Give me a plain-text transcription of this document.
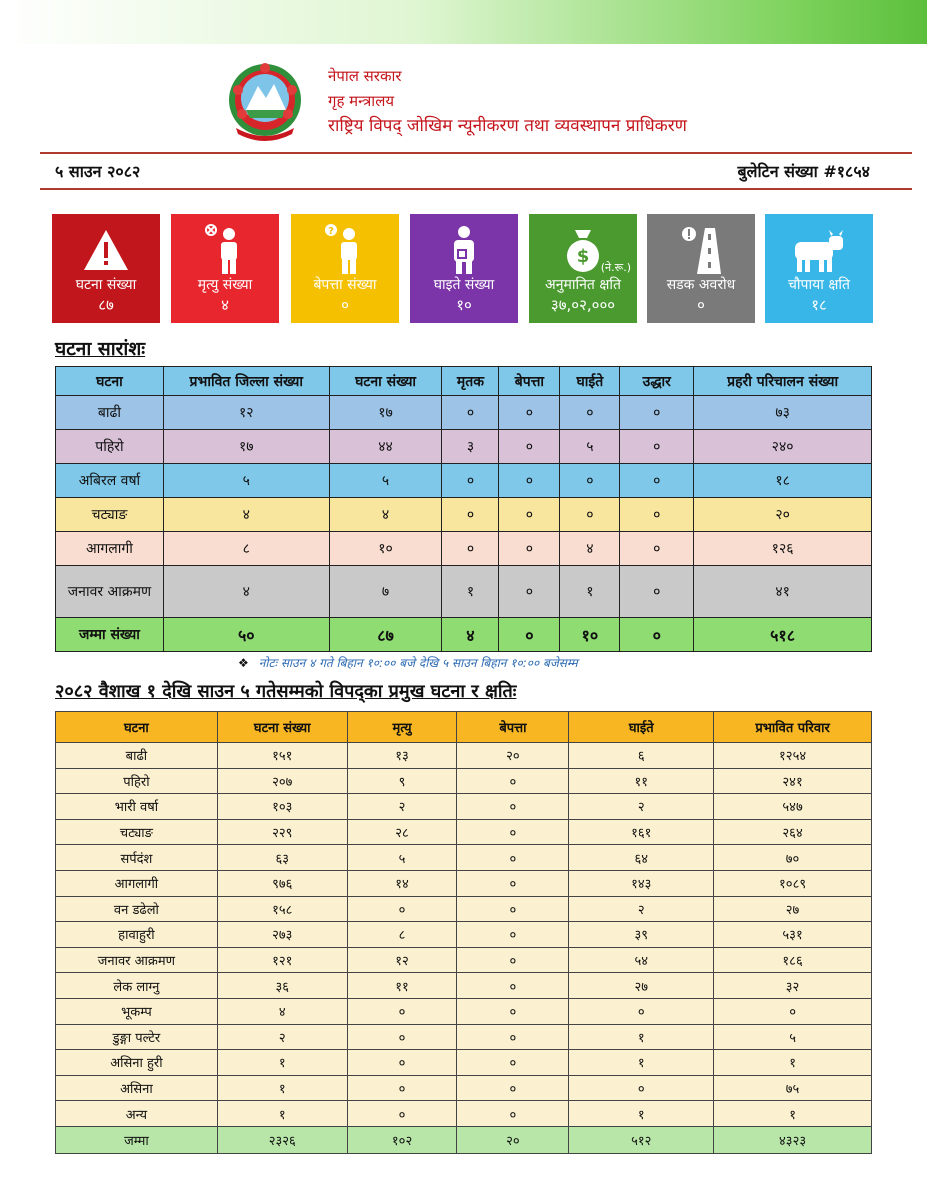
नेपाल सरकार
गृह मन्त्रालय
राष्ट्रिय विपद् जोखिम न्यूनीकरण तथा व्यवस्थापन प्राधिकरण
५ साउन २०८२	बुलेटिन संख्या #१८५४
घटना संख्या
८७
मृत्यु संख्या
४
?
बेपत्ता संख्या
०
घाइते संख्या
१०
$
(ने.रू.)
अनुमानित क्षति
३७,०२,०००
सडक अवरोध
०
चौपाया क्षति
१८
घटना सारांशः
घटना	प्रभावित जिल्ला संख्या	घटना संख्या	मृतक	बेपत्ता	घाईते	उद्धार	प्रहरी परिचालन संख्या
बाढी	१२	१७	०	०	०	०	७३
पहिरो	१७	४४	३	०	५	०	२४०
अबिरल वर्षा	५	५	०	०	०	०	१८
चट्याङ	४	४	०	०	०	०	२०
आगलागी	८	१०	०	०	४	०	१२६
जनावर आक्रमण	४	७	१	०	१	०	४१
जम्मा संख्या	५०	८७	४	०	१०	०	५१८
❖ नोटः साउन ४ गते बिहान १०:०० बजे देखि ५ साउन बिहान १०:०० बजेसम्म
२०८२ वैशाख १ देखि साउन ५ गतेसम्मको विपद्का प्रमुख घटना र क्षतिः
घटना	घटना संख्या	मृत्यु	बेपत्ता	घाईते	प्रभावित परिवार
बाढी	१५१	१३	२०	६	१२५४
पहिरो	२०७	९	०	११	२४१
भारी वर्षा	१०३	२	०	२	५४७
चट्याङ	२२९	२८	०	१६१	२६४
सर्पदंश	६३	५	०	६४	७०
आगलागी	९७६	१४	०	१४३	१०८९
वन डढेलो	१५८	०	०	२	२७
हावाहुरी	२७३	८	०	३९	५३१
जनावर आक्रमण	१२१	१२	०	५४	१८६
लेक लाग्नु	३६	११	०	२७	३२
भूकम्प	४	०	०	०	०
डुङ्गा पल्टेर	२	०	०	१	५
असिना हुरी	१	०	०	१	१
असिना	१	०	०	०	७५
अन्य	१	०	०	१	१
जम्मा	२३२६	१०२	२०	५१२	४३२३
